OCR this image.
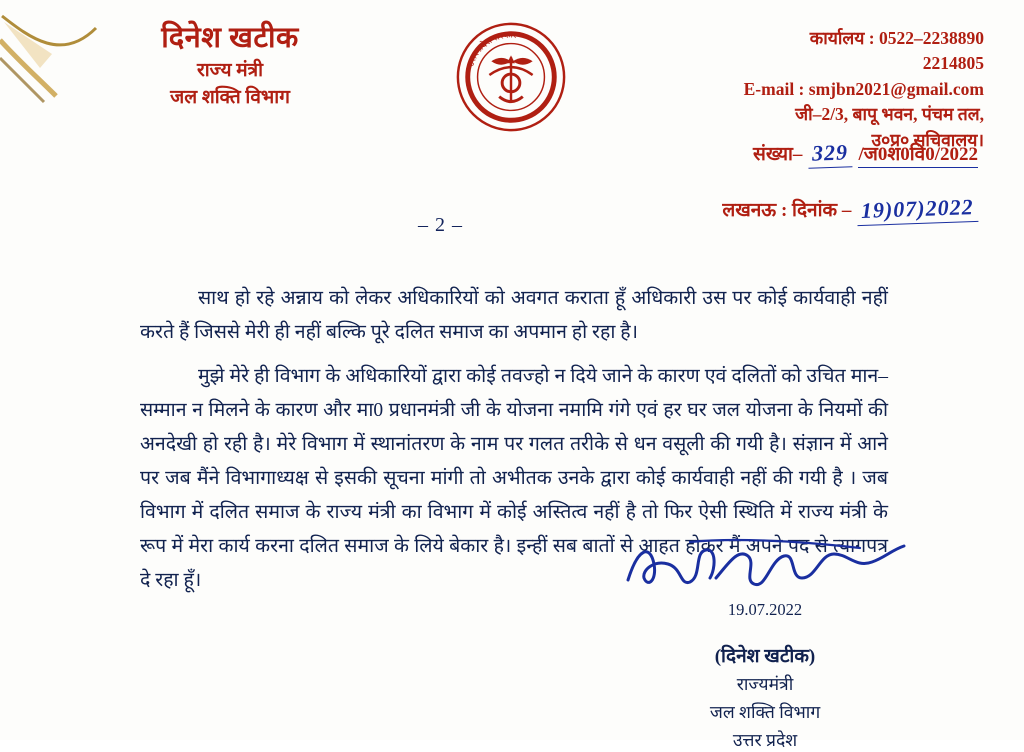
दिनेश खटीक
राज्य मंत्री
जल शक्ति विभाग
उत्तर प्रदेश सरकार	कार्यालय : 0522–2238890
2214805
E-mail : smjbn2021@gmail.com
जी–2/3, बापू भवन, पंचम तल,
उ०प्र० सचिवालय।
संख्या– 329 /ज0श0वि0/2022
लखनऊ : दिनांक – 19)07)2022
– 2 –

साथ हो रहे अन्नाय को लेकर अधिकारियों को अवगत कराता हूँ अधिकारी उस पर कोई कार्यवाही नहीं करते हैं जिससे मेरी ही नहीं बल्कि पूरे दलित समाज का अपमान हो रहा है।

मुझे मेरे ही विभाग के अधिकारियों द्वारा कोई तवज्हो न दिये जाने के कारण एवं दलितों को उचित मान–सम्मान न मिलने के कारण और मा0 प्रधानमंत्री जी के योजना नमामि गंगे एवं हर घर जल योजना के नियमों की अनदेखी हो रही है। मेरे विभाग में स्थानांतरण के नाम पर गलत तरीके से धन वसूली की गयी है। संज्ञान में आने पर जब मैंने विभागाध्यक्ष से इसकी सूचना मांगी तो अभीतक उनके द्वारा कोई कार्यवाही नहीं की गयी है । जब विभाग में दलित समाज के राज्य मंत्री का विभाग में कोई अस्तित्व नहीं है तो फिर ऐसी स्थिति में राज्य मंत्री के रूप में मेरा कार्य करना दलित समाज के लिये बेकार है। इन्हीं सब बातों से आहत होकर मैं अपने पद से त्यागपत्र दे रहा हूँ।

19.07.2022
(दिनेश खटीक)
राज्यमंत्री
जल शक्ति विभाग
उत्तर प्रदेश
